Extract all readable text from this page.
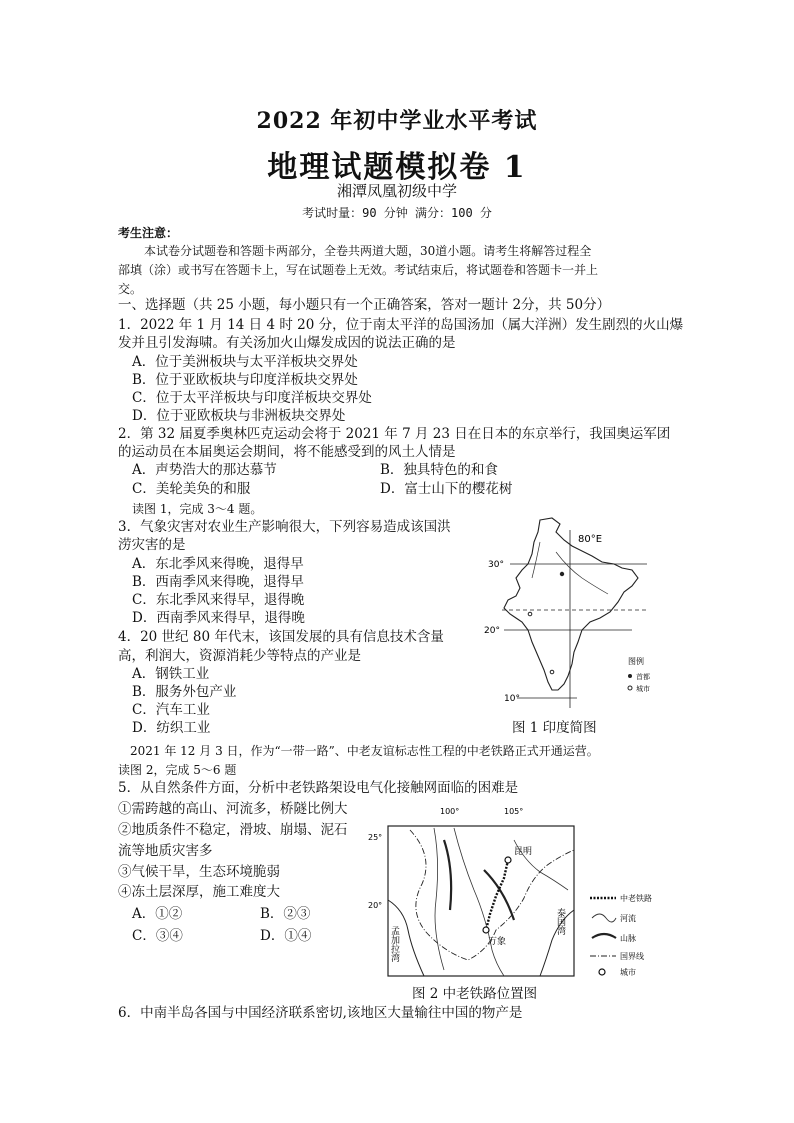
2022 年初中学业水平考试
地理试题模拟卷 1
湘潭凤凰初级中学
考试时量：90 分钟 满分：100 分
考生注意：
本试卷分试题卷和答题卡两部分，全卷共两道大题，30道小题。请考生将解答过程全
部填（涂）或书写在答题卡上，写在试题卷上无效。考试结束后，将试题卷和答题卡一并上
交。
一、选择题（共 25 小题，每小题只有一个正确答案，答对一题计 2分，共 50分）
1．2022 年 1 月 14 日 4 时 20 分，位于南太平洋的岛国汤加（属大洋洲）发生剧烈的火山爆
发并且引发海啸。有关汤加火山爆发成因的说法正确的是
A．位于美洲板块与太平洋板块交界处
B．位于亚欧板块与印度洋板块交界处
C．位于太平洋板块与印度洋板块交界处
D．位于亚欧板块与非洲板块交界处
2．第 32 届夏季奥林匹克运动会将于 2021 年 7 月 23 日在日本的东京举行，我国奥运军团
的运动员在本届奥运会期间，将不能感受到的风土人情是
A．声势浩大的那达慕节	B．独具特色的和食
C．美轮美奂的和服	D．富士山下的樱花树
读图 1，完成 3～4 题。
3．气象灾害对农业生产影响很大，下列容易造成该国洪
涝灾害的是
A．东北季风来得晚，退得早
B．西南季风来得晚，退得早
C．东北季风来得早，退得晚
D．西南季风来得早，退得晚
4．20 世纪 80 年代末，该国发展的具有信息技术含量
高，利润大，资源消耗少等特点的产业是
A．钢铁工业
B．服务外包产业
C．汽车工业
D．纺织工业
80°E
30°
20°
10°
图例
首都
城市
图 1 印度简图
2021 年 12 月 3 日，作为“一带一路”、中老友谊标志性工程的中老铁路正式开通运营。
读图 2，完成 5～6 题
5．从自然条件方面，分析中老铁路架设电气化接触网面临的困难是
①需跨越的高山、河流多，桥隧比例大
②地质条件不稳定，滑坡、崩塌、泥石
流等地质灾害多
③气候干旱，生态环境脆弱
④冻土层深厚，施工难度大
A．①②	B．②③
C．③④	D．①④
100°	105°
25°
20°
昆明
万象
孟加拉湾
泰国湾
中老铁路
河流
山脉
国界线
城市
图 2 中老铁路位置图
6．中南半岛各国与中国经济联系密切,该地区大量输往中国的物产是
